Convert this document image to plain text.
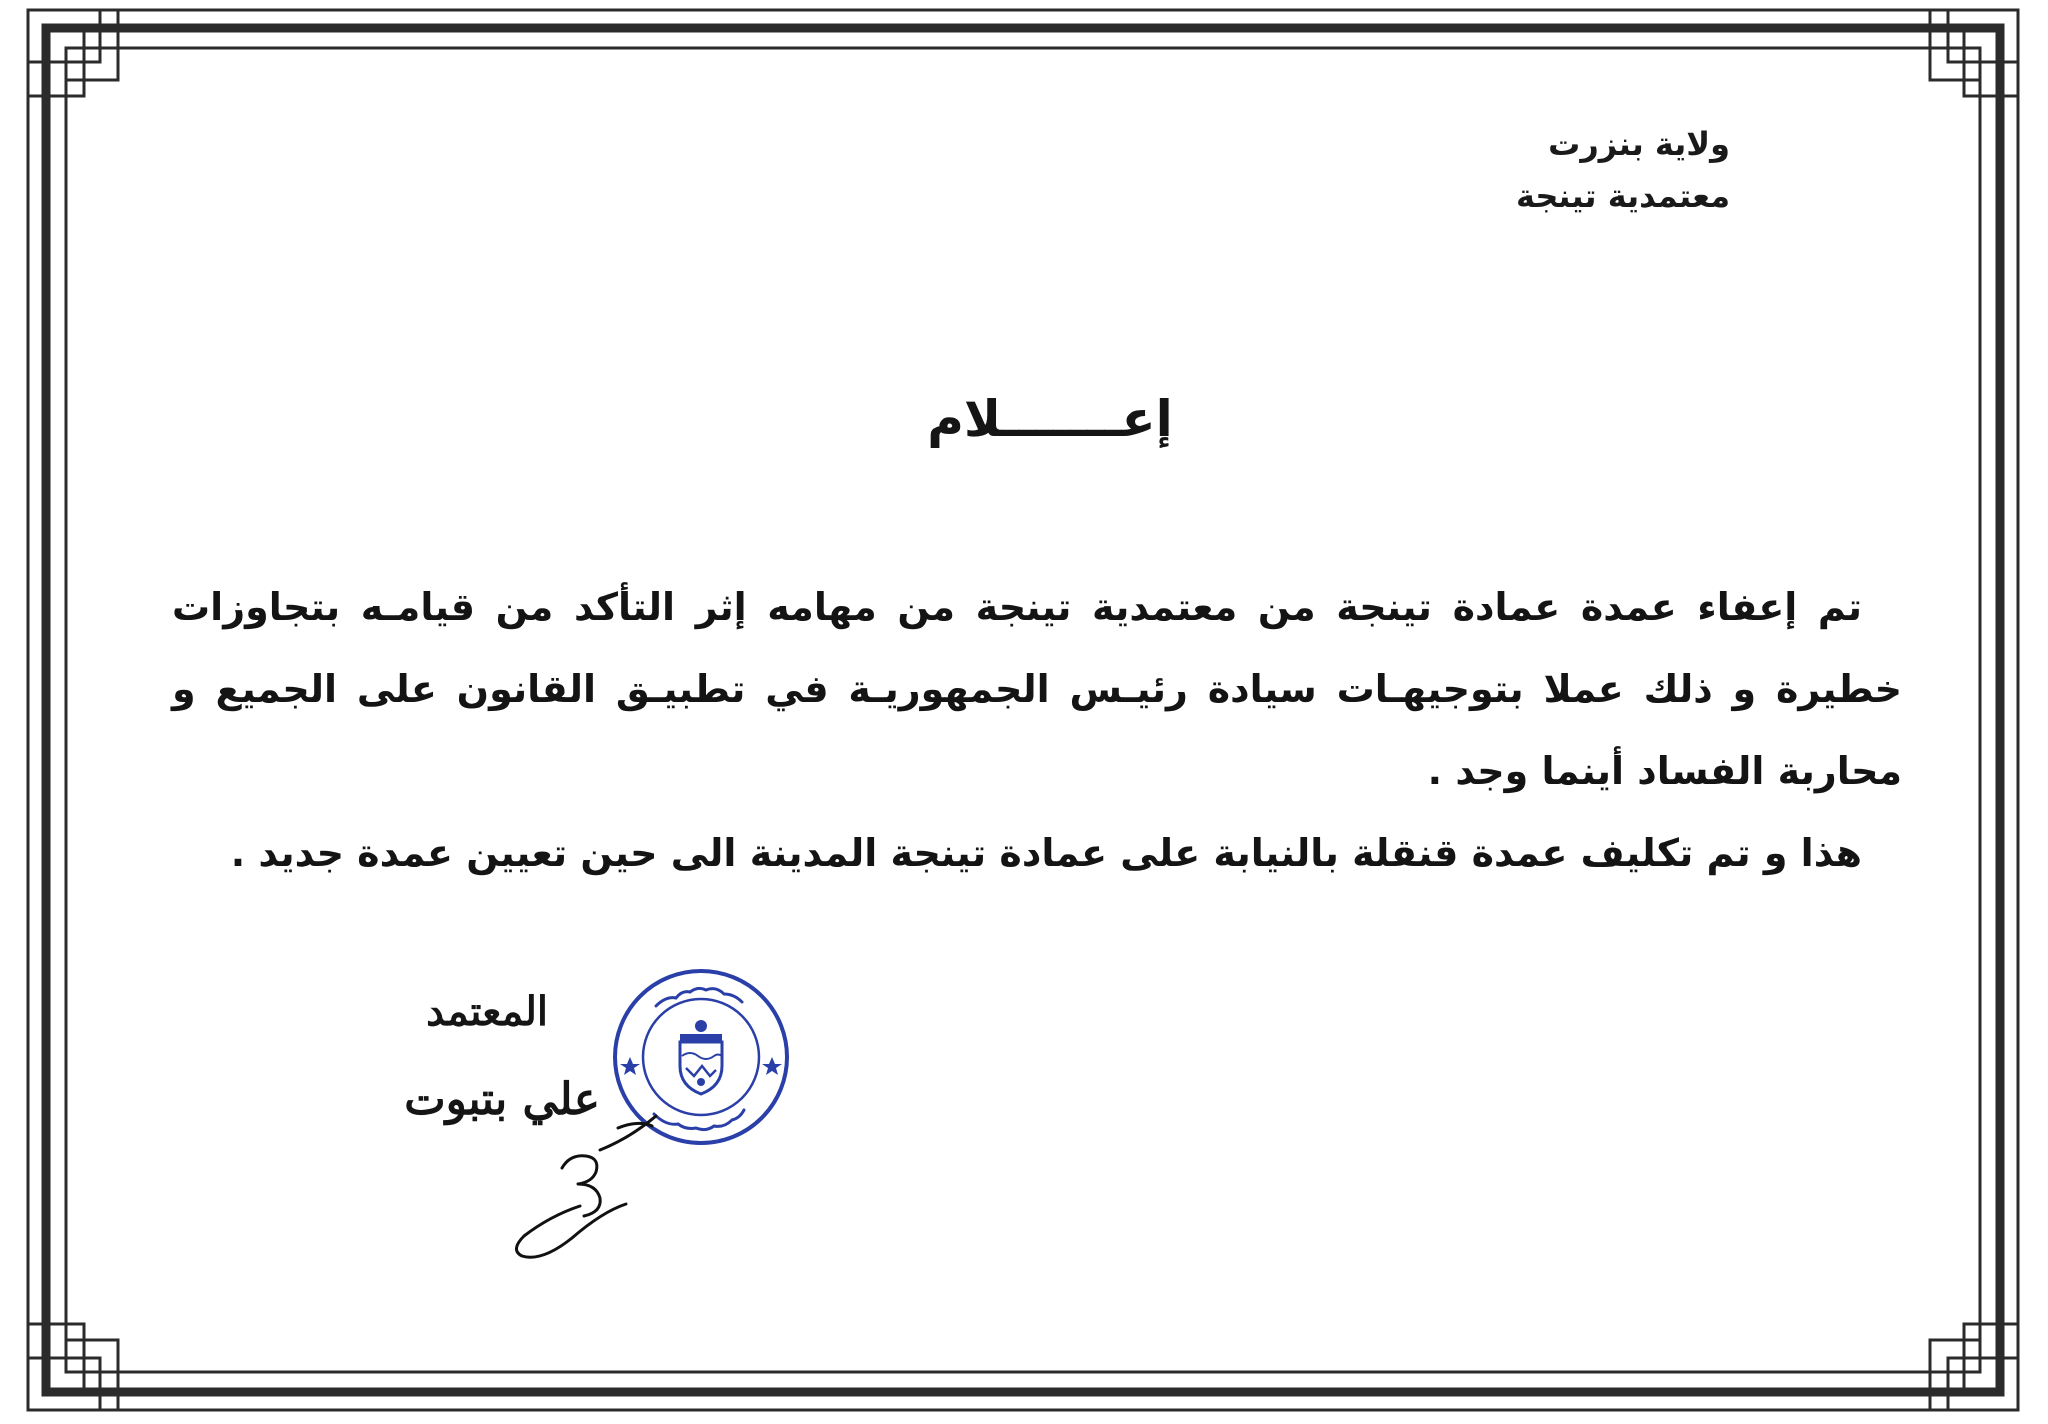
ولاية بنزرت
معتمدية تينجة
إعـــــــلام

تم إعفاء عمدة عمادة تينجة من معتمدية تينجة من مهامه إثر التأكد من قيامـه بتجاوزات خطيرة و ذلك عملا بتوجيهـات سيادة رئيـس الجمهوريـة في تطبيـق القانون على الجميع و محاربة الفساد أينما وجد .

هذا و تم تكليف عمدة قنقلة بالنيابة على عمادة تينجة المدينة الى حين تعيين عمدة جديد .

المعتمد
علي بتبوت
